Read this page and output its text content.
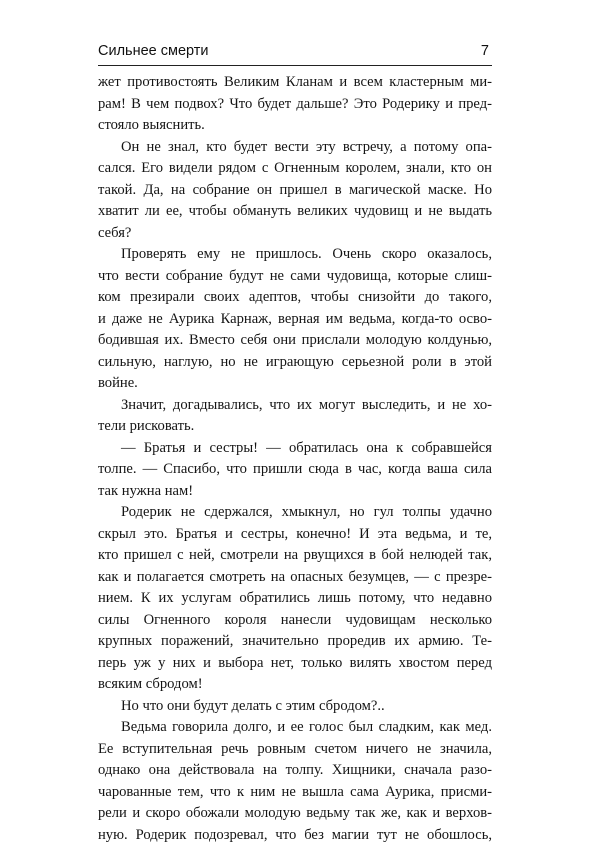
Сильнее смерти	7
жет противостоять Великим Кланам и всем кластерным ми-
рам! В чем подвох? Что будет дальше? Это Родерику и пред-
стояло выяснить.
Он не знал, кто будет вести эту встречу, а потому опа-
сался. Его видели рядом с Огненным королем, знали, кто он
такой. Да, на собрание он пришел в магической маске. Но
хватит ли ее, чтобы обмануть великих чудовищ и не выдать
себя?
Проверять ему не пришлось. Очень скоро оказалось,
что вести собрание будут не сами чудовища, которые слиш-
ком презирали своих адептов, чтобы снизойти до такого,
и даже не Аурика Карнаж, верная им ведьма, когда-то осво-
бодившая их. Вместо себя они прислали молодую колдунью,
сильную, наглую, но не играющую серьезной роли в этой
войне.
Значит, догадывались, что их могут выследить, и не хо-
тели рисковать.
— Братья и сестры! — обратилась она к собравшейся
толпе. — Спасибо, что пришли сюда в час, когда ваша сила
так нужна нам!
Родерик не сдержался, хмыкнул, но гул толпы удачно
скрыл это. Братья и сестры, конечно! И эта ведьма, и те,
кто пришел с ней, смотрели на рвущихся в бой нелюдей так,
как и полагается смотреть на опасных безумцев, — с презре-
нием. К их услугам обратились лишь потому, что недавно
силы Огненного короля нанесли чудовищам несколько
крупных поражений, значительно проредив их армию. Те-
перь уж у них и выбора нет, только вилять хвостом перед
всяким сбродом!
Но что они будут делать с этим сбродом?..
Ведьма говорила долго, и ее голос был сладким, как мед.
Ее вступительная речь ровным счетом ничего не значила,
однако она действовала на толпу. Хищники, сначала разо-
чарованные тем, что к ним не вышла сама Аурика, присми-
рели и скоро обожали молодую ведьму так же, как и верхов-
ную. Родерик подозревал, что без магии тут не обошлось,
